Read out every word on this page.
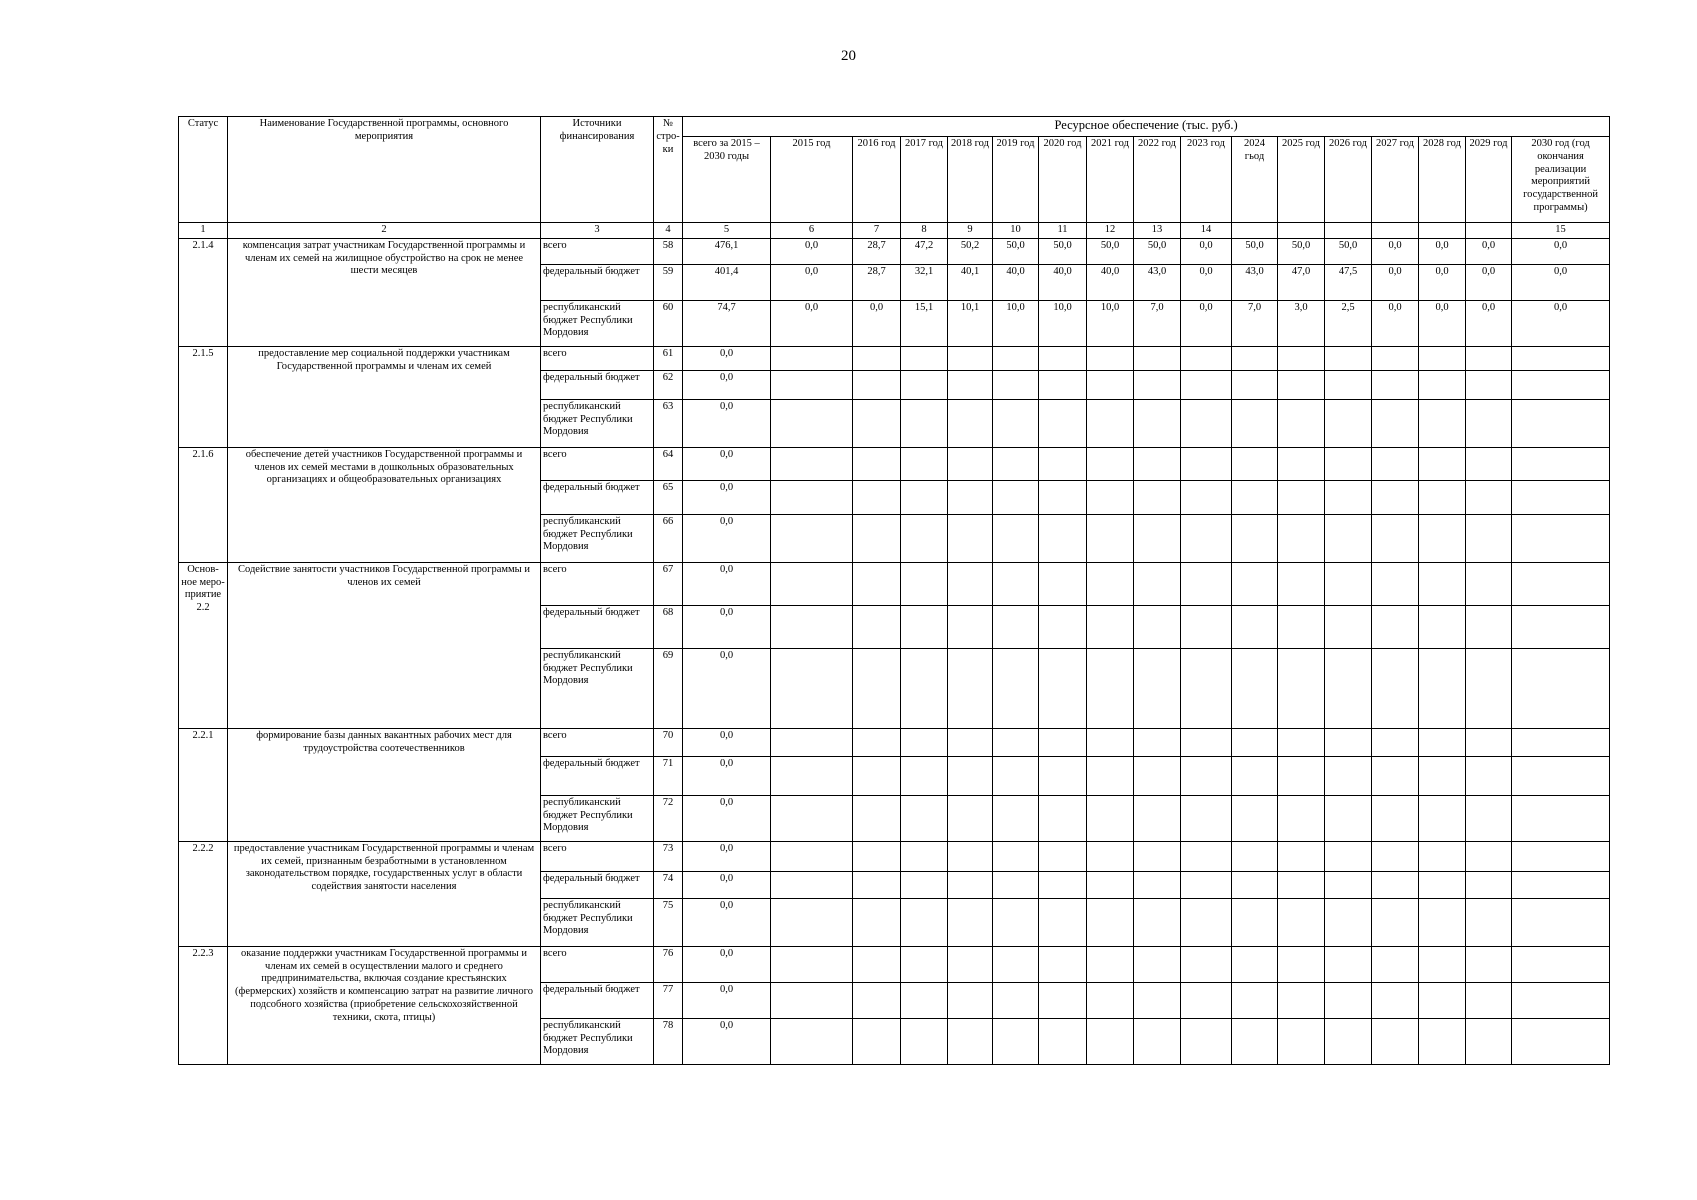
20
Статус	Наименование Государственной программы, основного мероприятия	Источники финансирования	№ стро-ки	Ресурсное обеспечение (тыс. руб.)																
				всего за 2015 – 2030 годы	2015 год	2016 год	2017 год	2018 год	2019 год	2020 год	2021 год	2022 год	2023 год	2024 гьод	2025 год	2026 год	2027 год	2028 год	2029 год	2030 год (год окончания реализации мероприятий государственной программы)
1	2	3	4	5	6	7	8	9	10	11	12	13	14							15
2.1.4	компенсация затрат участникам Государственной программы и членам их семей на жилищное обустройство на срок не менее шести месяцев	всего	58	476,1	0,0	28,7	47,2	50,2	50,0	50,0	50,0	50,0	0,0	50,0	50,0	50,0	0,0	0,0	0,0	0,0
		федеральный бюджет	59	401,4	0,0	28,7	32,1	40,1	40,0	40,0	40,0	43,0	0,0	43,0	47,0	47,5	0,0	0,0	0,0	0,0
		республиканский бюджет Республики Мордовия	60	74,7	0,0	0,0	15,1	10,1	10,0	10,0	10,0	7,0	0,0	7,0	3,0	2,5	0,0	0,0	0,0	0,0
2.1.5	предоставление мер социальной поддержки участникам Государственной программы и членам их семей	всего	61	0,0																
		федеральный бюджет	62	0,0																
		республиканский бюджет Республики Мордовия	63	0,0																
2.1.6	обеспечение детей участников Государственной программы и членов их семей местами в дошкольных образовательных организациях и общеобразовательных организациях	всего	64	0,0																
		федеральный бюджет	65	0,0																
		республиканский бюджет Республики Мордовия	66	0,0																
Основ-ное меро-приятие 2.2	Содействие занятости участников Государственной программы и членов их семей	всего	67	0,0																
		федеральный бюджет	68	0,0																
		республиканский бюджет Республики Мордовия	69	0,0																
2.2.1	формирование базы данных вакантных рабочих мест для трудоустройства соотечественников	всего	70	0,0																
		федеральный бюджет	71	0,0																
		республиканский бюджет Республики Мордовия	72	0,0																
2.2.2	предоставление участникам Государственной программы и членам их семей, признанным безработными в установленном законодательством порядке, государственных услуг в области содействия занятости населения	всего	73	0,0																
		федеральный бюджет	74	0,0																
		республиканский бюджет Республики Мордовия	75	0,0																
2.2.3	оказание поддержки участникам Государственной программы и членам их семей в осуществлении малого и среднего предпринимательства, включая создание крестьянских (фермерских) хозяйств и компенсацию затрат на развитие личного подсобного хозяйства (приобретение сельскохозяйственной техники, скота, птицы)	всего	76	0,0																
		федеральный бюджет	77	0,0																
		республиканский бюджет Республики Мордовия	78	0,0																
